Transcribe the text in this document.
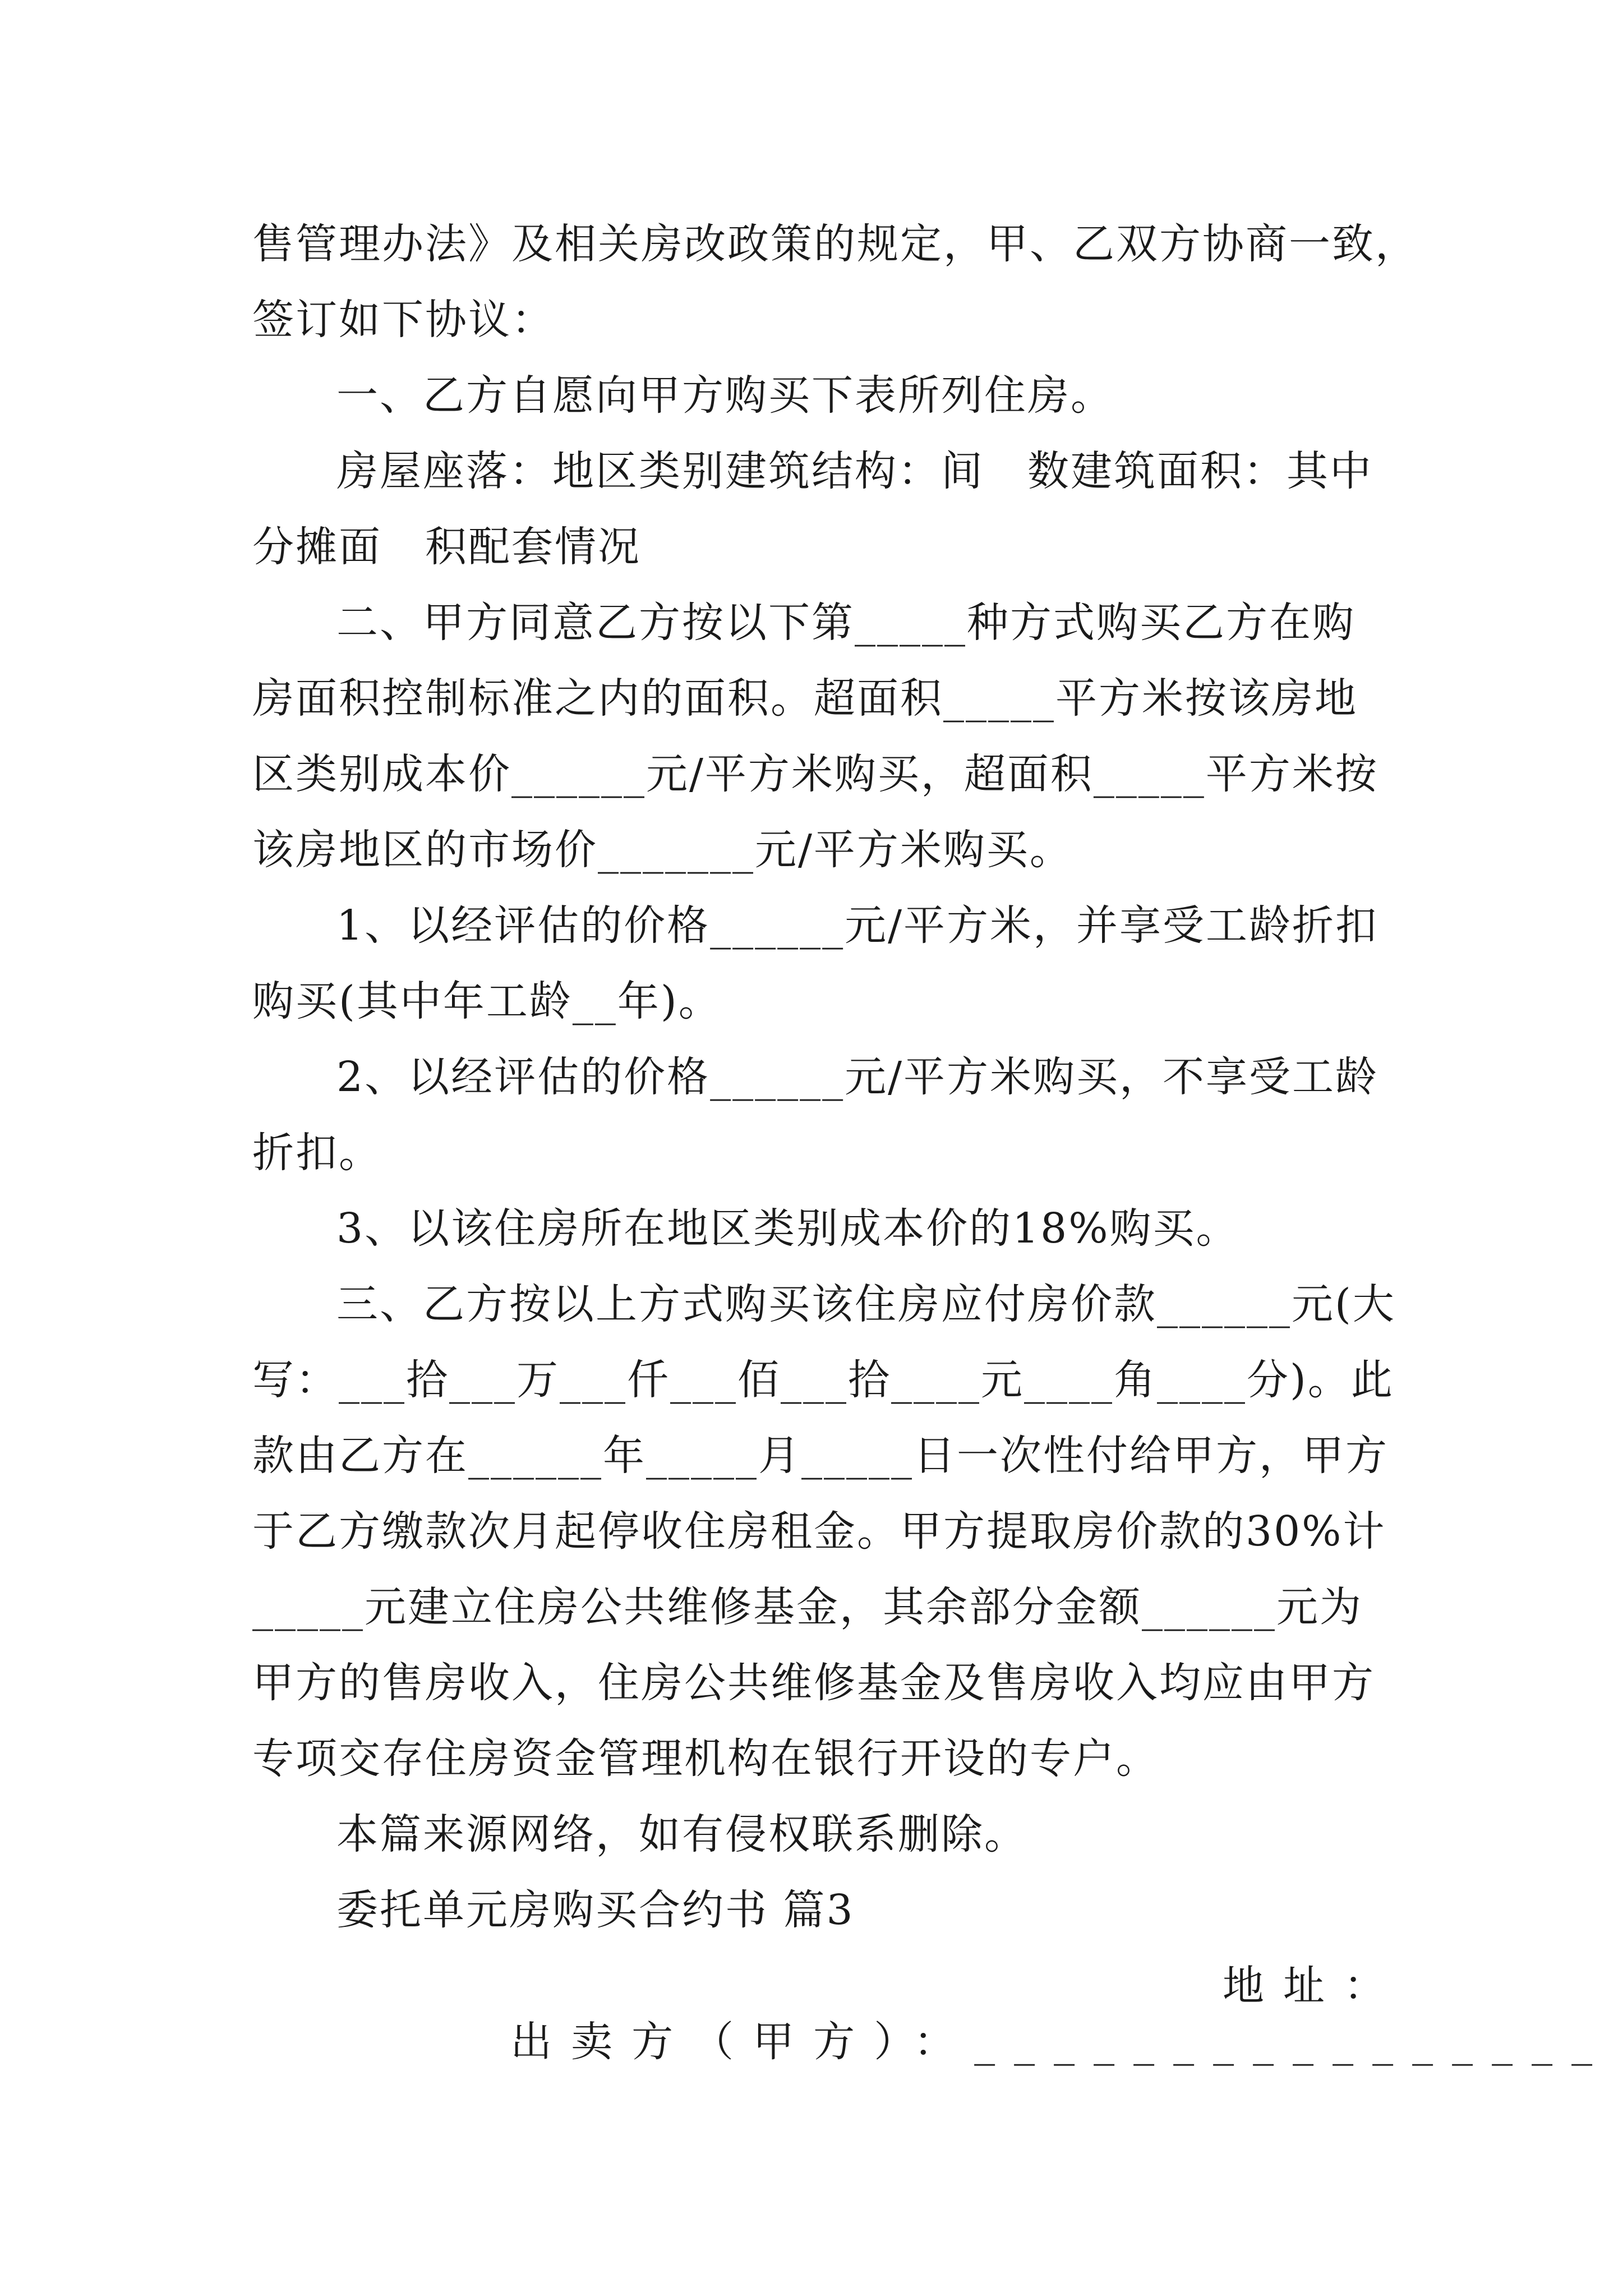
售管理办法》及相关房改政策的规定，甲、乙双方协商一致，
签订如下协议：
一、乙方自愿向甲方购买下表所列住房。
房屋座落：地区类别建筑结构：间　数建筑面积：其中
分摊面　积配套情况
二、甲方同意乙方按以下第_____种方式购买乙方在购
房面积控制标准之内的面积。超面积_____平方米按该房地
区类别成本价______元/平方米购买，超面积_____平方米按
该房地区的市场价_______元/平方米购买。
1、以经评估的价格______元/平方米，并享受工龄折扣
购买(其中年工龄__年)。
2、以经评估的价格______元/平方米购买，不享受工龄
折扣。
3、以该住房所在地区类别成本价的18%购买。
三、乙方按以上方式购买该住房应付房价款______元(大
写：___拾___万___仟___佰___拾____元____角____分)。此
款由乙方在______年_____月_____日一次性付给甲方，甲方
于乙方缴款次月起停收住房租金。甲方提取房价款的30%计
_____元建立住房公共维修基金，其余部分金额______元为
甲方的售房收入，住房公共维修基金及售房收入均应由甲方
专项交存住房资金管理机构在银行开设的专户。
本篇来源网络，如有侵权联系删除。
委托单元房购买合约书 篇3

出卖方（甲方）：________________

地址：
